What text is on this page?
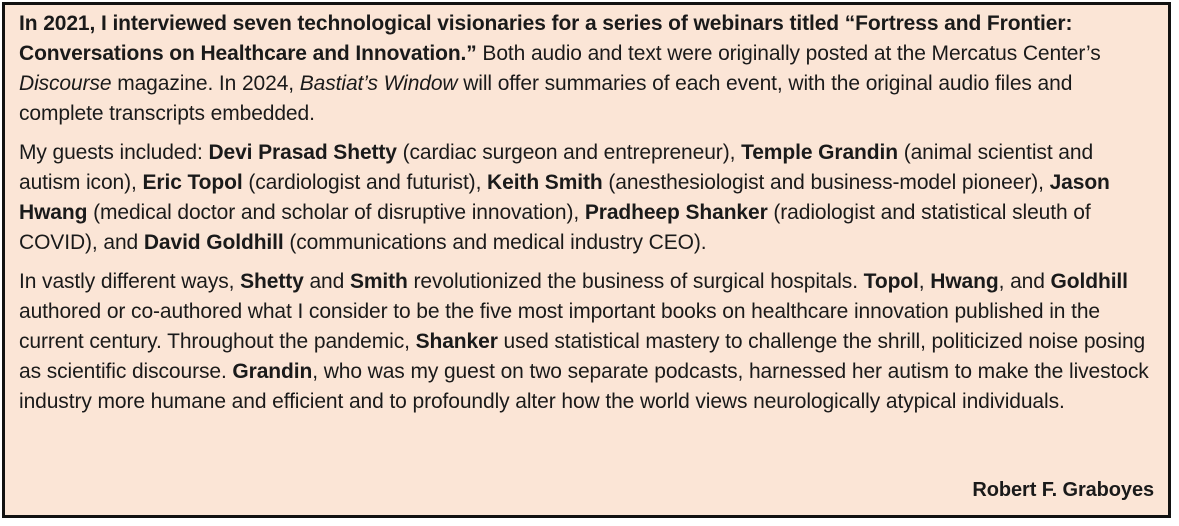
In 2021, I interviewed seven technological visionaries for a series of webinars titled “Fortress and Frontier: Conversations on Healthcare and Innovation.” Both audio and text were originally posted at the Mercatus Center’s Discourse magazine. In 2024, Bastiat’s Window will offer summaries of each event, with the original audio files and complete transcripts embedded.

My guests included: Devi Prasad Shetty (cardiac surgeon and entrepreneur), Temple Grandin (animal scientist and autism icon), Eric Topol (cardiologist and futurist), Keith Smith (anesthesiologist and business-model pioneer), Jason Hwang (medical doctor and scholar of disruptive innovation), Pradheep Shanker (radiologist and statistical sleuth of COVID), and David Goldhill (communications and medical industry CEO).

In vastly different ways, Shetty and Smith revolutionized the business of surgical hospitals. Topol, Hwang, and Goldhill authored or co-authored what I consider to be the five most important books on healthcare innovation published in the current century. Throughout the pandemic, Shanker used statistical mastery to challenge the shrill, politicized noise posing as scientific discourse. Grandin, who was my guest on two separate podcasts, harnessed her autism to make the livestock industry more humane and efficient and to profoundly alter how the world views neurologically atypical individuals.

Robert F. Graboyes
